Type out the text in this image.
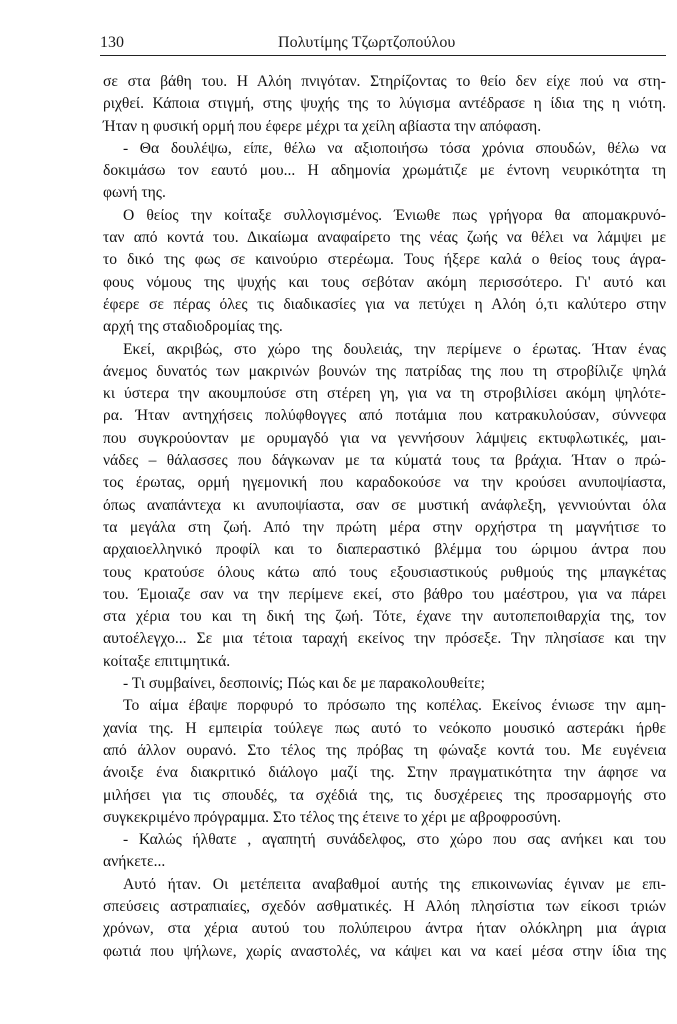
130	Πολυτίμης Τζωρτζοπούλου
σε στα βάθη του. Η Αλόη πνιγόταν. Στηρίζοντας το θείο δεν είχε πού να στη-
ριχθεί. Κάποια στιγμή, στης ψυχής της το λύγισμα αντέδρασε η ίδια της η νιότη.
Ήταν η φυσική ορμή που έφερε μέχρι τα χείλη αβίαστα την απόφαση.
- Θα δουλέψω, είπε, θέλω να αξιοποιήσω τόσα χρόνια σπουδών, θέλω να
δοκιμάσω τον εαυτό μου... Η αδημονία χρωμάτιζε με έντονη νευρικότητα τη
φωνή της.
Ο θείος την κοίταξε συλλογισμένος. Ένιωθε πως γρήγορα θα απομακρυνό-
ταν από κοντά του. Δικαίωμα αναφαίρετο της νέας ζωής να θέλει να λάμψει με
το δικό της φως σε καινούριο στερέωμα. Τους ήξερε καλά ο θείος τους άγρα-
φους νόμους της ψυχής και τους σεβόταν ακόμη περισσότερο. Γι' αυτό και
έφερε σε πέρας όλες τις διαδικασίες για να πετύχει η Αλόη ό,τι καλύτερο στην
αρχή της σταδιοδρομίας της.
Εκεί, ακριβώς, στο χώρο της δουλειάς, την περίμενε ο έρωτας. Ήταν ένας
άνεμος δυνατός των μακρινών βουνών της πατρίδας της που τη στροβίλιζε ψηλά
κι ύστερα την ακουμπούσε στη στέρεη γη, για να τη στροβιλίσει ακόμη ψηλότε-
ρα. Ήταν αντηχήσεις πολύφθογγες από ποτάμια που κατρακυλούσαν, σύννεφα
που συγκρούονταν με ορυμαγδό για να γεννήσουν λάμψεις εκτυφλωτικές, μαι-
νάδες – θάλασσες που δάγκωναν με τα κύματά τους τα βράχια. Ήταν ο πρώ-
τος έρωτας, ορμή ηγεμονική που καραδοκούσε να την κρούσει ανυποψίαστα,
όπως αναπάντεχα κι ανυποψίαστα, σαν σε μυστική ανάφλεξη, γεννιούνται όλα
τα μεγάλα στη ζωή. Από την πρώτη μέρα στην ορχήστρα τη μαγνήτισε το
αρχαιοελληνικό προφίλ και το διαπεραστικό βλέμμα του ώριμου άντρα που
τους κρατούσε όλους κάτω από τους εξουσιαστικούς ρυθμούς της μπαγκέτας
του. Έμοιαζε σαν να την περίμενε εκεί, στο βάθρο του μαέστρου, για να πάρει
στα χέρια του και τη δική της ζωή. Τότε, έχανε την αυτοπεποιθαρχία της, τον
αυτοέλεγχο... Σε μια τέτοια ταραχή εκείνος την πρόσεξε. Την πλησίασε και την
κοίταξε επιτιμητικά.
- Τι συμβαίνει, δεσποινίς; Πώς και δε με παρακολουθείτε;
Το αίμα έβαψε πορφυρό το πρόσωπο της κοπέλας. Εκείνος ένιωσε την αμη-
χανία της. Η εμπειρία τούλεγε πως αυτό το νεόκοπο μουσικό αστεράκι ήρθε
από άλλον ουρανό. Στο τέλος της πρόβας τη φώναξε κοντά του. Με ευγένεια
άνοιξε ένα διακριτικό διάλογο μαζί της. Στην πραγματικότητα την άφησε να
μιλήσει για τις σπουδές, τα σχέδιά της, τις δυσχέρειες της προσαρμογής στο
συγκεκριμένο πρόγραμμα. Στο τέλος της έτεινε το χέρι με αβροφροσύνη.
- Καλώς ήλθατε , αγαπητή συνάδελφος, στο χώρο που σας ανήκει και του
ανήκετε...
Αυτό ήταν. Οι μετέπειτα αναβαθμοί αυτής της επικοινωνίας έγιναν με επι-
σπεύσεις αστραπιαίες, σχεδόν ασθματικές. Η Αλόη πλησίστια των είκοσι τριών
χρόνων, στα χέρια αυτού του πολύπειρου άντρα ήταν ολόκληρη μια άγρια
φωτιά που ψήλωνε, χωρίς αναστολές, να κάψει και να καεί μέσα στην ίδια της
